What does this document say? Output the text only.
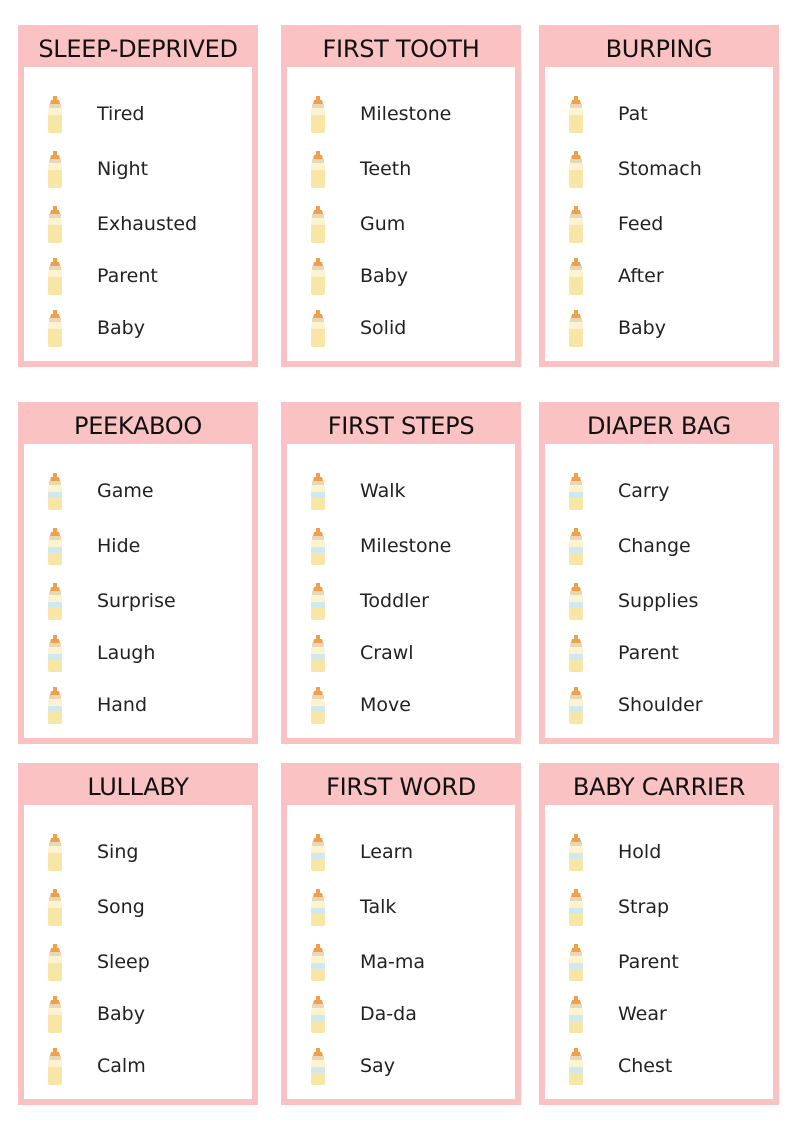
SLEEP-DEPRIVED
Tired
Night
Exhausted
Parent
Baby
FIRST TOOTH
Milestone
Teeth
Gum
Baby
Solid
BURPING
Pat
Stomach
Feed
After
Baby
PEEKABOO
Game
Hide
Surprise
Laugh
Hand
FIRST STEPS
Walk
Milestone
Toddler
Crawl
Move
DIAPER BAG
Carry
Change
Supplies
Parent
Shoulder
LULLABY
Sing
Song
Sleep
Baby
Calm
FIRST WORD
Learn
Talk
Ma-ma
Da-da
Say
BABY CARRIER
Hold
Strap
Parent
Wear
Chest
